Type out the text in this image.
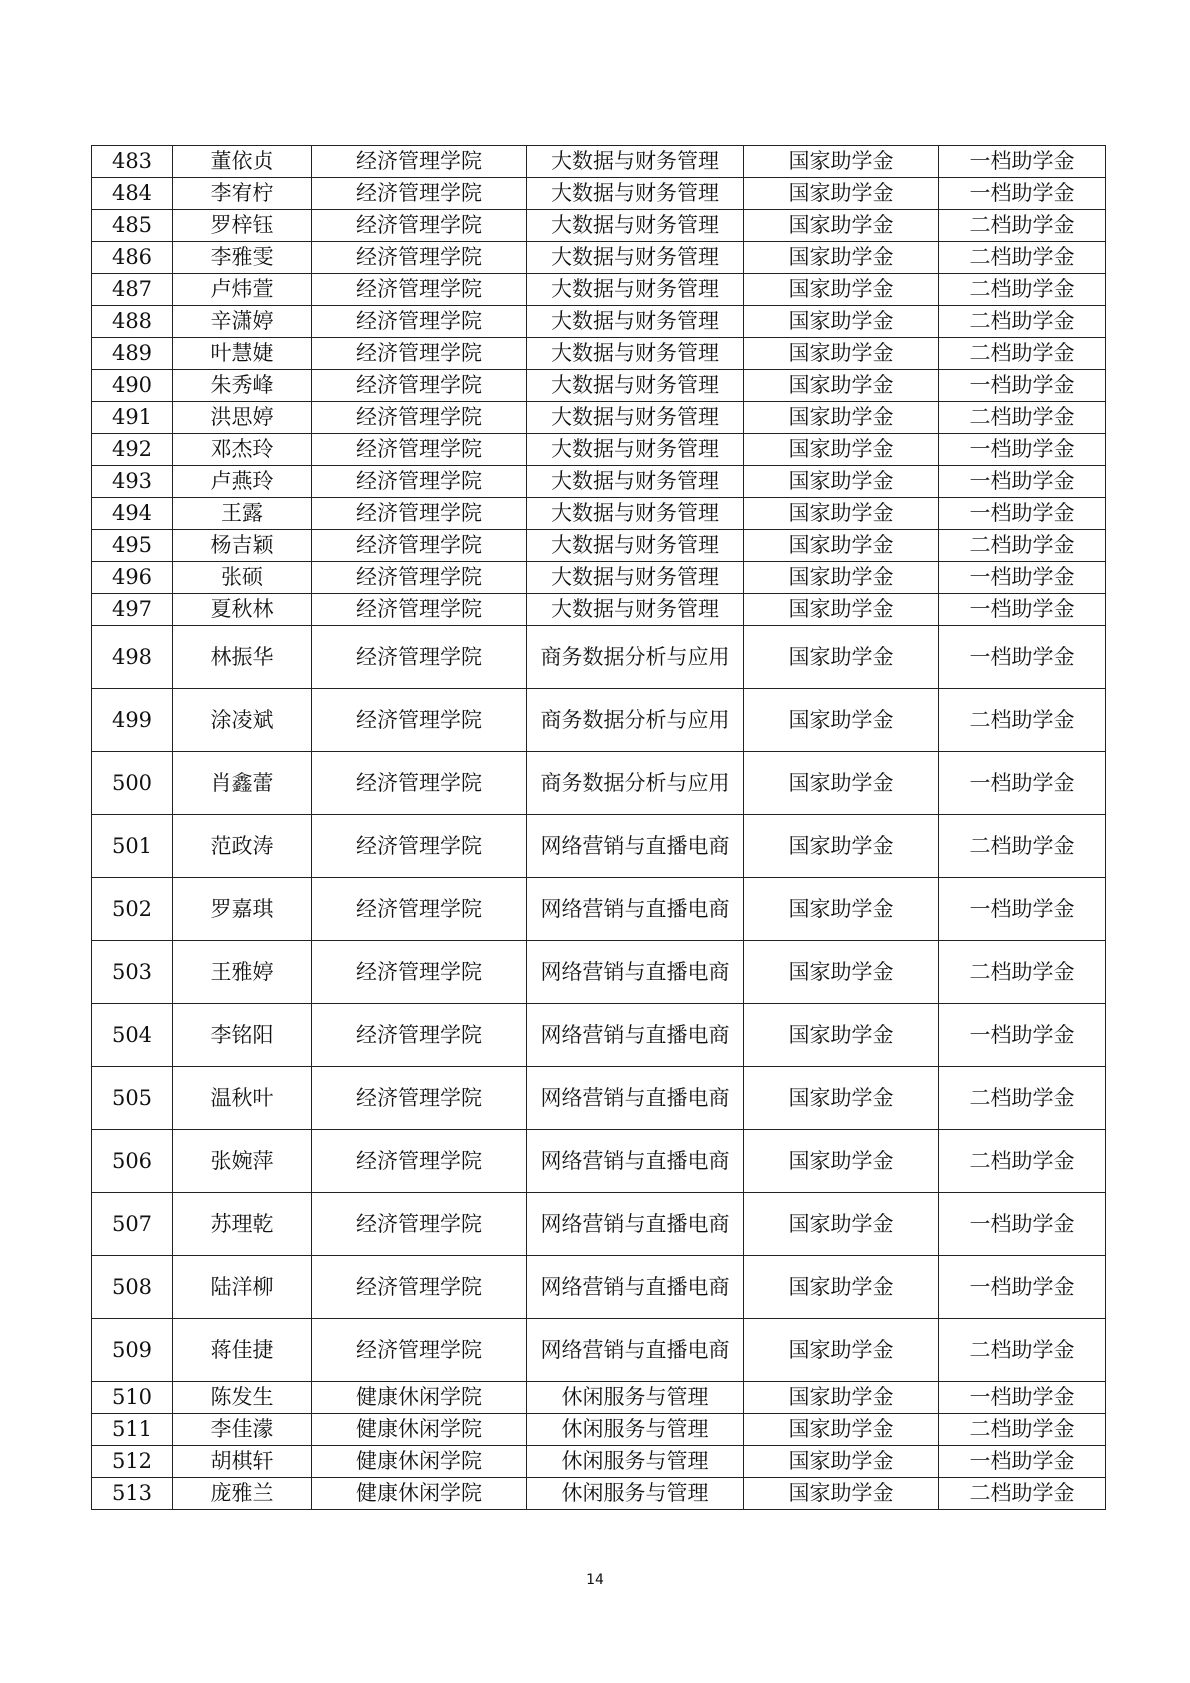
483	董依贞	经济管理学院	大数据与财务管理	国家助学金	一档助学金
484	李宥柠	经济管理学院	大数据与财务管理	国家助学金	一档助学金
485	罗梓钰	经济管理学院	大数据与财务管理	国家助学金	二档助学金
486	李雅雯	经济管理学院	大数据与财务管理	国家助学金	二档助学金
487	卢炜萱	经济管理学院	大数据与财务管理	国家助学金	二档助学金
488	辛潇婷	经济管理学院	大数据与财务管理	国家助学金	二档助学金
489	叶慧婕	经济管理学院	大数据与财务管理	国家助学金	二档助学金
490	朱秀峰	经济管理学院	大数据与财务管理	国家助学金	一档助学金
491	洪思婷	经济管理学院	大数据与财务管理	国家助学金	二档助学金
492	邓杰玲	经济管理学院	大数据与财务管理	国家助学金	一档助学金
493	卢燕玲	经济管理学院	大数据与财务管理	国家助学金	一档助学金
494	王露	经济管理学院	大数据与财务管理	国家助学金	一档助学金
495	杨吉颖	经济管理学院	大数据与财务管理	国家助学金	二档助学金
496	张硕	经济管理学院	大数据与财务管理	国家助学金	一档助学金
497	夏秋林	经济管理学院	大数据与财务管理	国家助学金	一档助学金
498	林振华	经济管理学院	商务数据分析与应用	国家助学金	一档助学金
499	涂凌斌	经济管理学院	商务数据分析与应用	国家助学金	二档助学金
500	肖鑫蕾	经济管理学院	商务数据分析与应用	国家助学金	一档助学金
501	范政涛	经济管理学院	网络营销与直播电商	国家助学金	二档助学金
502	罗嘉琪	经济管理学院	网络营销与直播电商	国家助学金	一档助学金
503	王雅婷	经济管理学院	网络营销与直播电商	国家助学金	二档助学金
504	李铭阳	经济管理学院	网络营销与直播电商	国家助学金	一档助学金
505	温秋叶	经济管理学院	网络营销与直播电商	国家助学金	二档助学金
506	张婉萍	经济管理学院	网络营销与直播电商	国家助学金	二档助学金
507	苏理乾	经济管理学院	网络营销与直播电商	国家助学金	一档助学金
508	陆洋柳	经济管理学院	网络营销与直播电商	国家助学金	一档助学金
509	蒋佳捷	经济管理学院	网络营销与直播电商	国家助学金	二档助学金
510	陈发生	健康休闲学院	休闲服务与管理	国家助学金	一档助学金
511	李佳濛	健康休闲学院	休闲服务与管理	国家助学金	二档助学金
512	胡棋轩	健康休闲学院	休闲服务与管理	国家助学金	一档助学金
513	庞雅兰	健康休闲学院	休闲服务与管理	国家助学金	二档助学金
14
